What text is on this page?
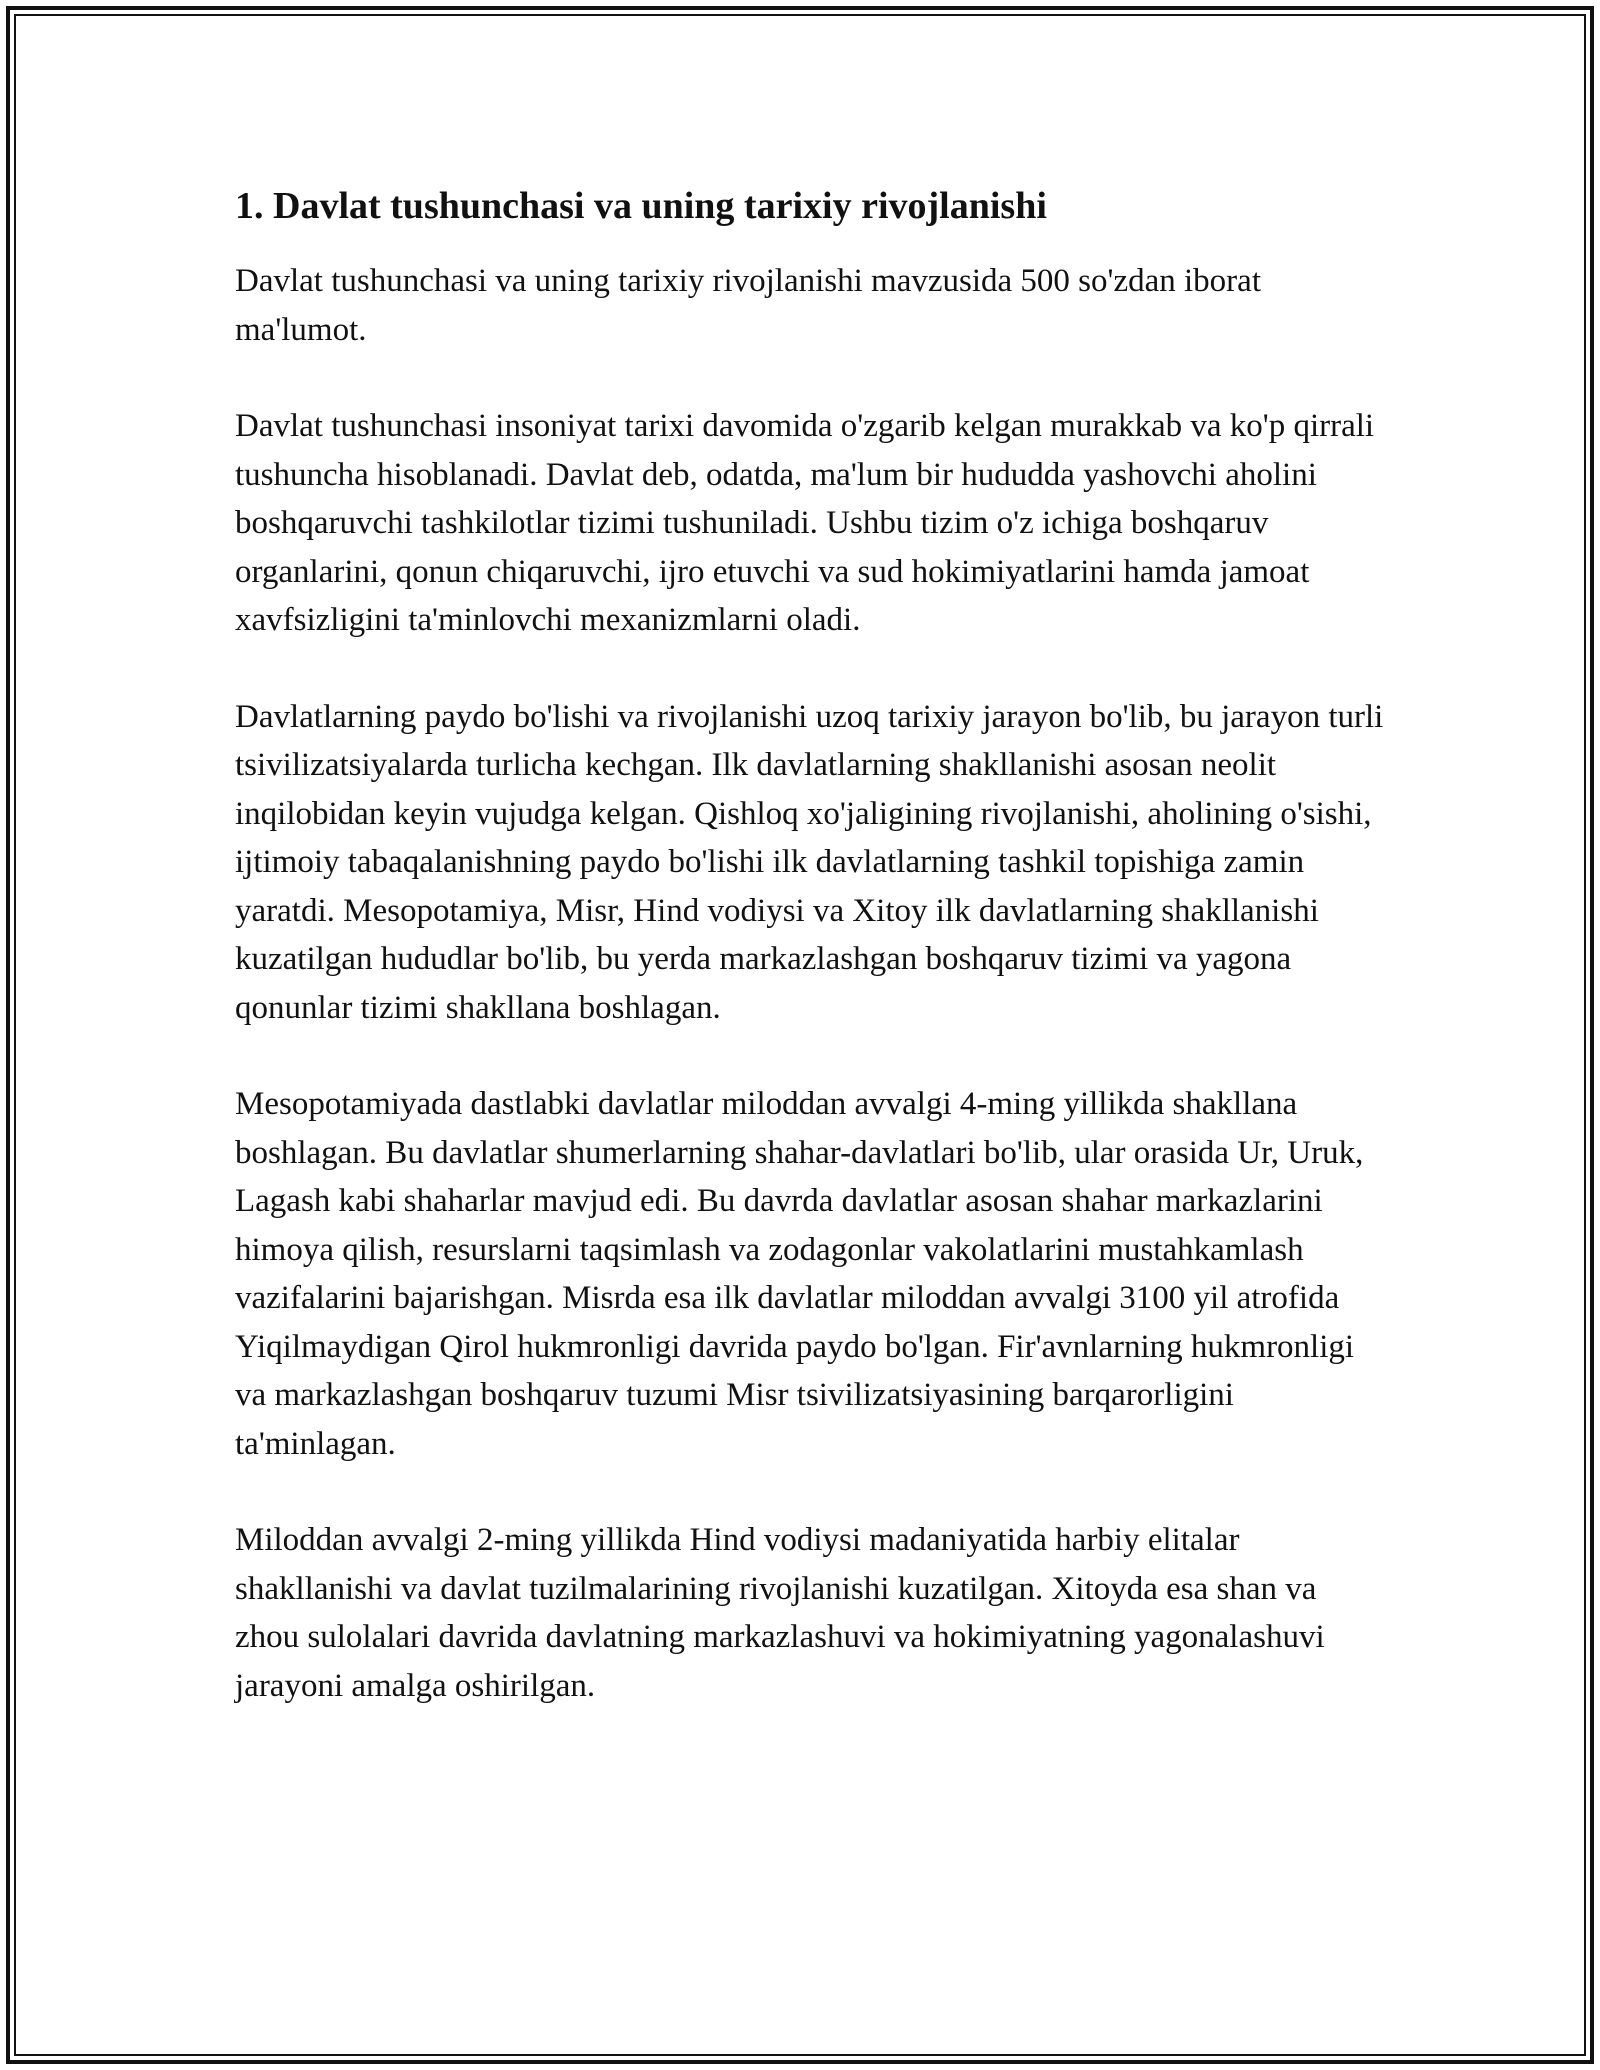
1. Davlat tushunchasi va uning tarixiy rivojlanishi

Davlat tushunchasi va uning tarixiy rivojlanishi mavzusida 500 so'zdan iborat ma'lumot.

Davlat tushunchasi insoniyat tarixi davomida o'zgarib kelgan murakkab va ko'p qirrali tushuncha hisoblanadi. Davlat deb, odatda, ma'lum bir hududda yashovchi aholini boshqaruvchi tashkilotlar tizimi tushuniladi. Ushbu tizim o'z ichiga boshqaruv organlarini, qonun chiqaruvchi, ijro etuvchi va sud hokimiyatlarini hamda jamoat xavfsizligini ta'minlovchi mexanizmlarni oladi.

Davlatlarning paydo bo'lishi va rivojlanishi uzoq tarixiy jarayon bo'lib, bu jarayon turli tsivilizatsiyalarda turlicha kechgan. Ilk davlatlarning shakllanishi asosan neolit inqilobidan keyin vujudga kelgan. Qishloq xo'jaligining rivojlanishi, aholining o'sishi, ijtimoiy tabaqalanishning paydo bo'lishi ilk davlatlarning tashkil topishiga zamin yaratdi. Mesopotamiya, Misr, Hind vodiysi va Xitoy ilk davlatlarning shakllanishi kuzatilgan hududlar bo'lib, bu yerda markazlashgan boshqaruv tizimi va yagona qonunlar tizimi shakllana boshlagan.

Mesopotamiyada dastlabki davlatlar miloddan avvalgi 4-ming yillikda shakllana boshlagan. Bu davlatlar shumerlarning shahar-davlatlari bo'lib, ular orasida Ur, Uruk, Lagash kabi shaharlar mavjud edi. Bu davrda davlatlar asosan shahar markazlarini himoya qilish, resurslarni taqsimlash va zodagonlar vakolatlarini mustahkamlash vazifalarini bajarishgan. Misrda esa ilk davlatlar miloddan avvalgi 3100 yil atrofida Yiqilmaydigan Qirol hukmronligi davrida paydo bo'lgan. Fir'avnlarning hukmronligi va markazlashgan boshqaruv tuzumi Misr tsivilizatsiyasining barqarorligini ta'minlagan.

Miloddan avvalgi 2-ming yillikda Hind vodiysi madaniyatida harbiy elitalar shakllanishi va davlat tuzilmalarining rivojlanishi kuzatilgan. Xitoyda esa shan va zhou sulolalari davrida davlatning markazlashuvi va hokimiyatning yagonalashuvi jarayoni amalga oshirilgan.
